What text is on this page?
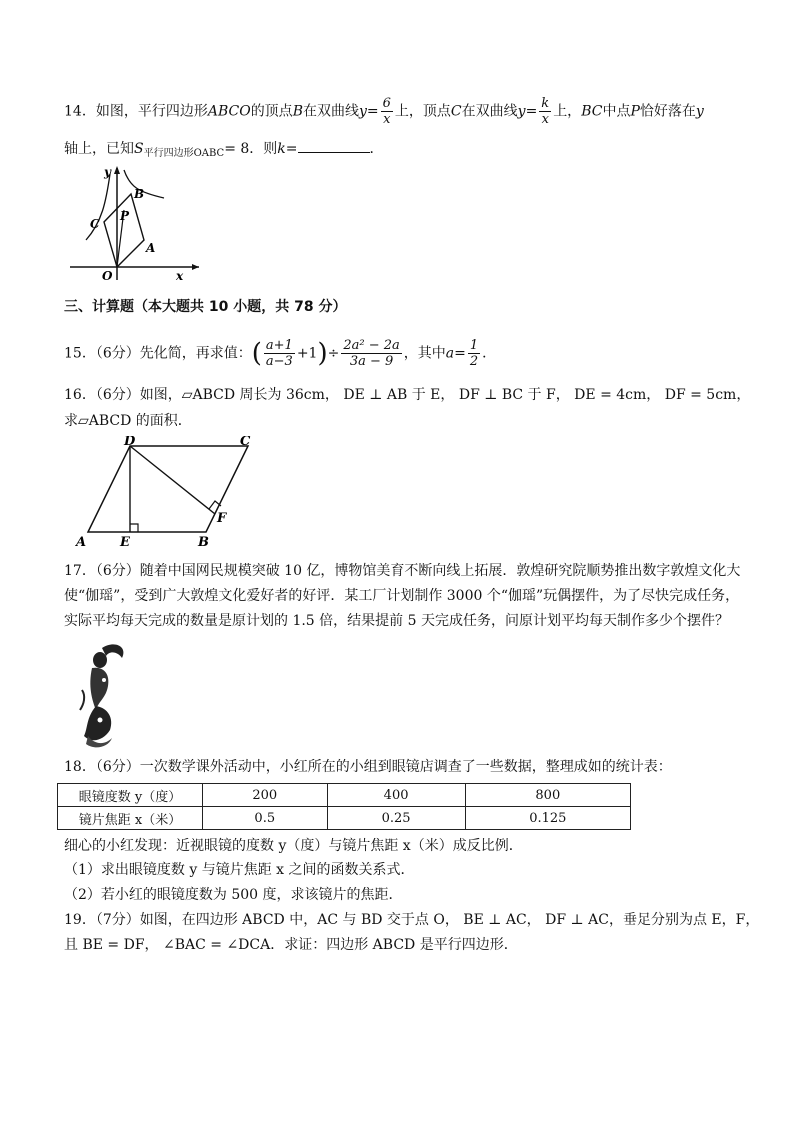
14．如图，平行四边形ABCO的顶点B在双曲线$y= \frac{6}{x}$ 上，顶点C在双曲线$y= \frac{k}{x}$ 上，BC中点P恰好落在y
轴上，已知$S_{平行四边形OABC}= 8$．则k=	．
y
B
C
P
A
O	x
三、计算题（本大题共 10 小题，共 78 分）
15．（6分）先化简，再求值：( $\frac{a+1}{a-3} +1)\div \frac{\text{2a² − 2a}}{3a - 9}$ ，其中$a= \frac{1}{2}$ ．
16．（6分）如图，▱ABCD 周长为 36cm， DE ⊥ AB 于 E， DF ⊥ BC 于 F， DE = 4cm， DF = 5cm，
求▱ABCD 的面积．
D	C
F
A	E	B
17．（6分）随着中国网民规模突破 10 亿，博物馆美育不断向线上拓展．敦煌研究院顺势推出数字敦煌文化大
使“伽瑶”，受到广大敦煌文化爱好者的好评．某工厂计划制作 3000 个“伽瑶”玩偶摆件，为了尽快完成任务，
实际平均每天完成的数量是原计划的 1.5 倍，结果提前 5 天完成任务，问原计划平均每天制作多少个摆件？
18．（6分）一次数学课外活动中，小红所在的小组到眼镜店调查了一些数据，整理成如的统计表：
眼镜度数 y（度）	200	400	800
镜片焦距 x（米）	0.5	0.25	0.125
细心的小红发现：近视眼镜的度数 y（度）与镜片焦距 x（米）成反比例．
（1）求出眼镜度数 y 与镜片焦距 x 之间的函数关系式．
（2）若小红的眼镜度数为 500 度，求该镜片的焦距．
19．（7分）如图，在四边形 ABCD 中，AC 与 BD 交于点 O， BE ⊥ AC， DF ⊥ AC，垂足分别为点 E，F，
且 BE = DF， ∠BAC = ∠DCA．求证：四边形 ABCD 是平行四边形．
